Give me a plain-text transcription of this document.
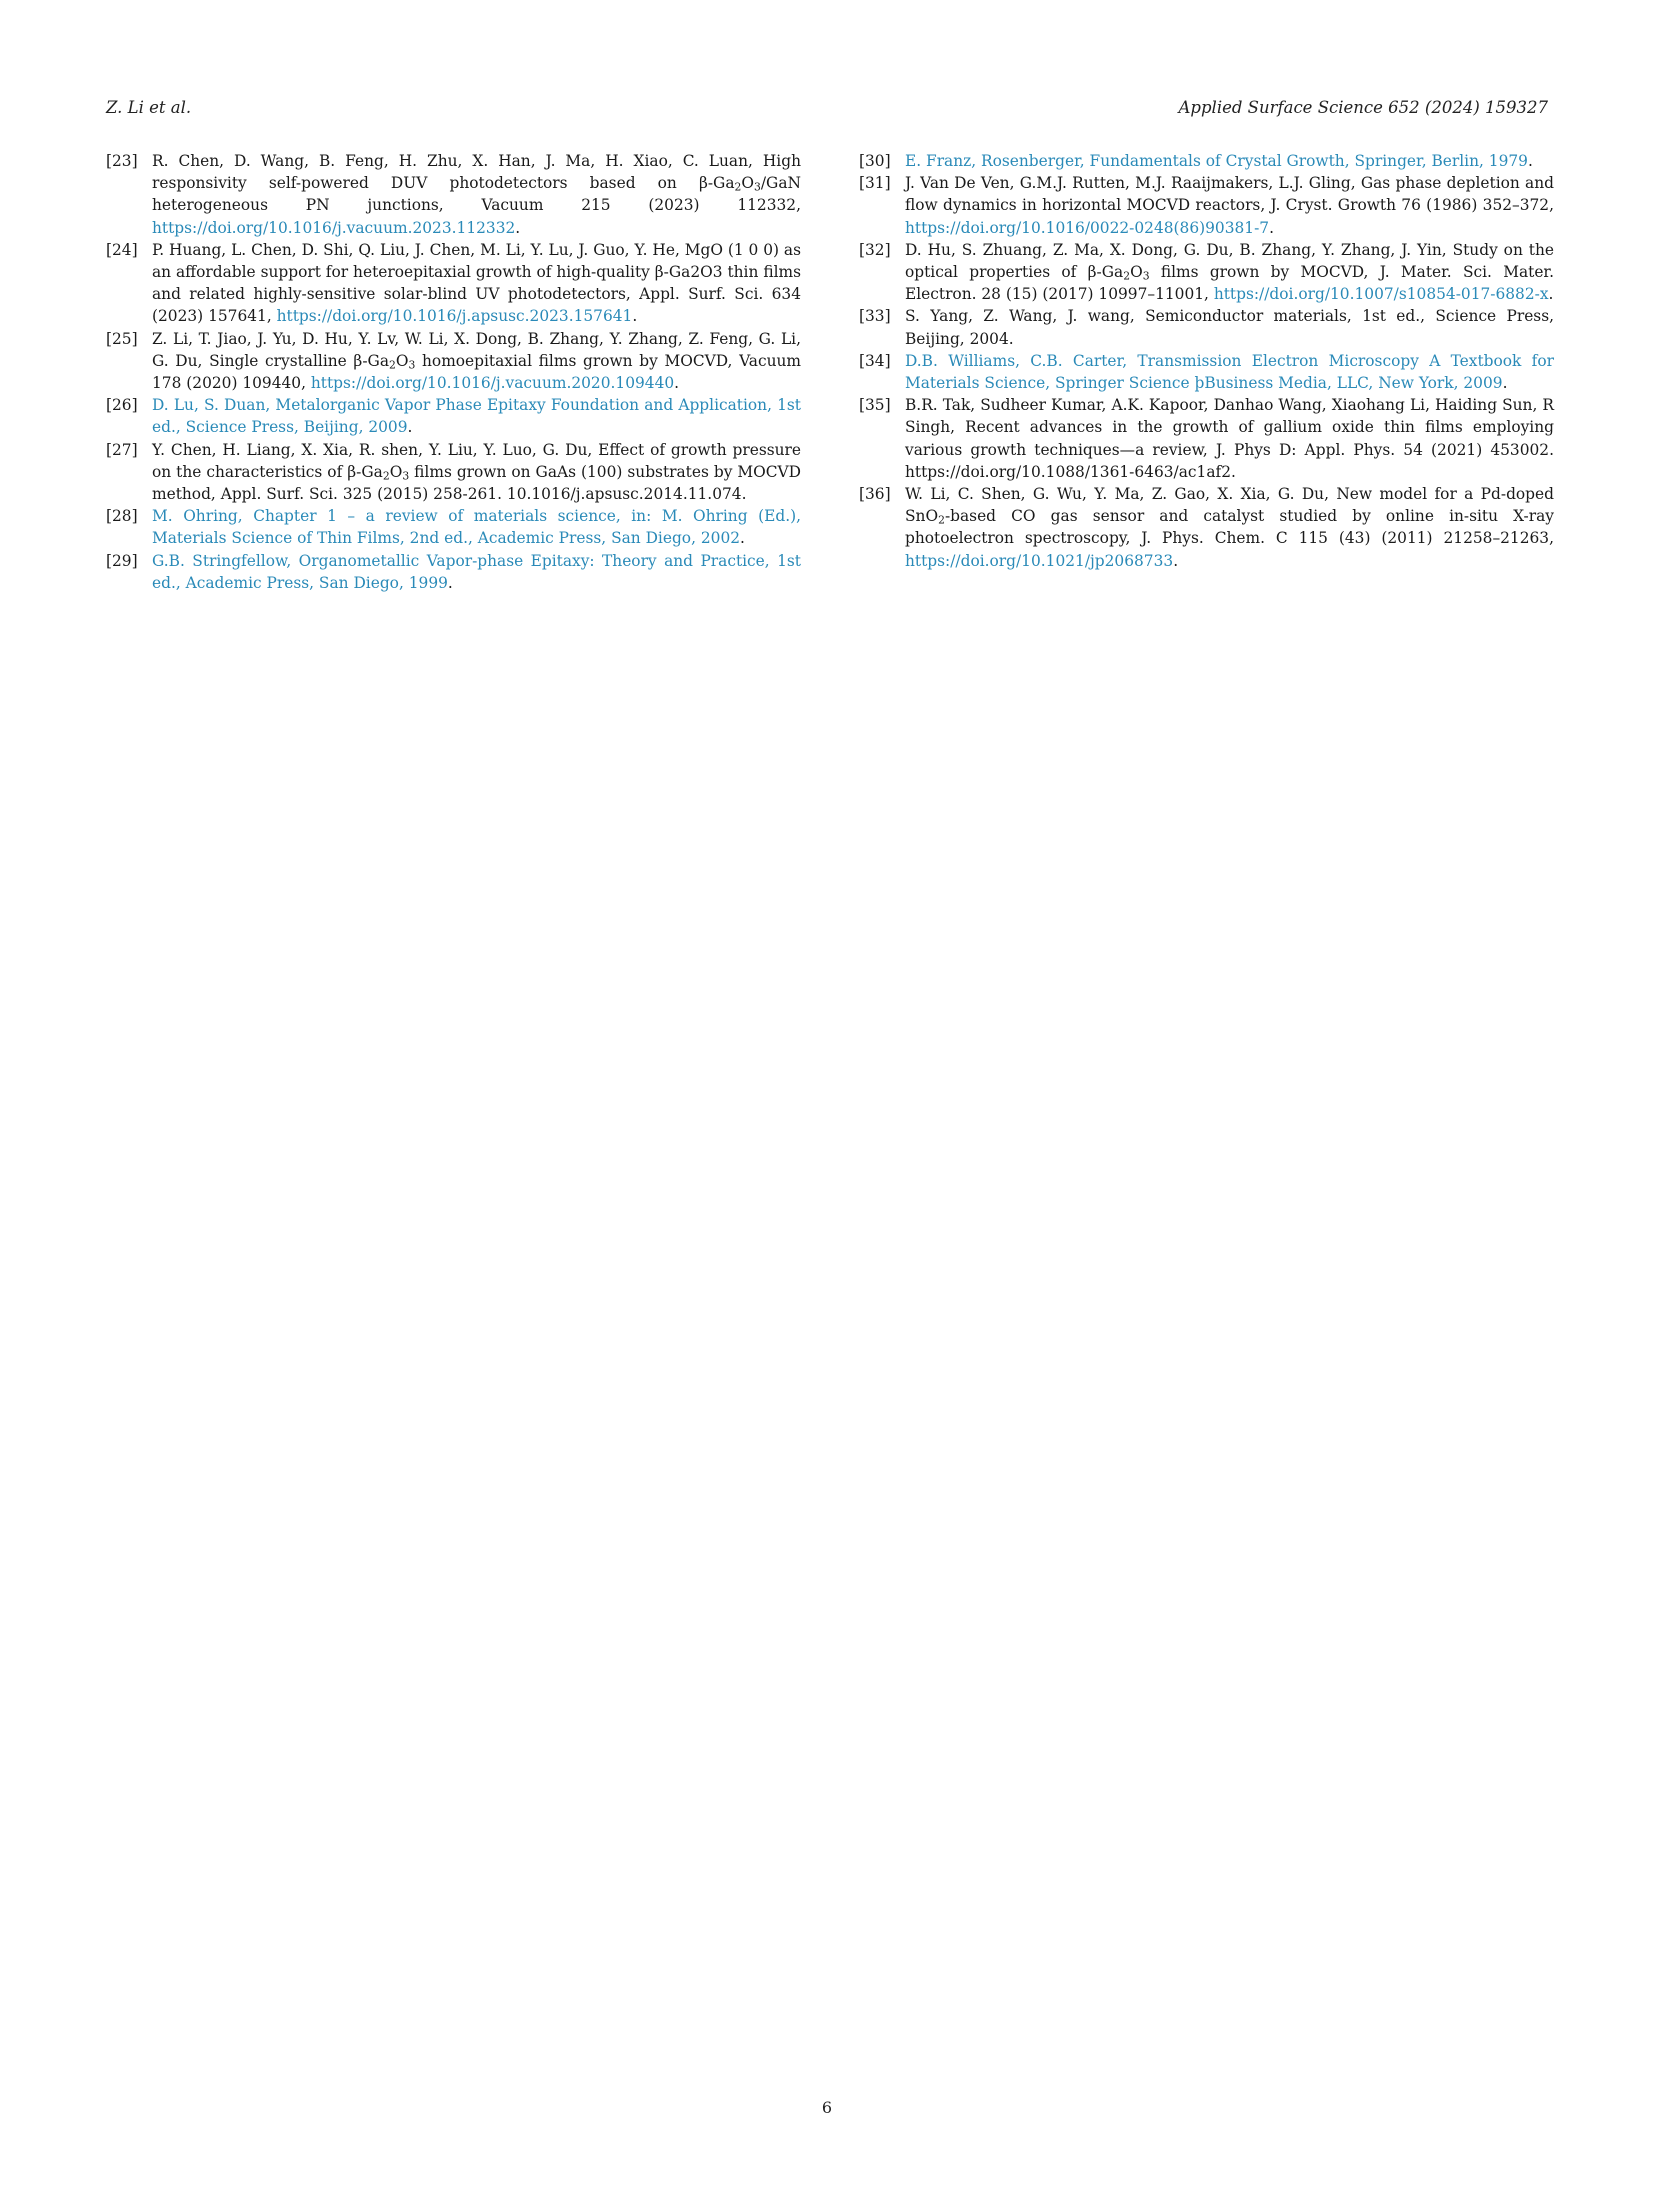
Z. Li et al.	Applied Surface Science 652 (2024) 159327

[23] R. Chen, D. Wang, B. Feng, H. Zhu, X. Han, J. Ma, H. Xiao, C. Luan, High responsivity self-powered DUV photodetectors based on $\beta-Ga_2O_3$/GaN heterogeneous PN junctions, Vacuum 215 (2023) 112332, https://doi.org/10.1016/j.vacuum.2023.112332.

[24] P. Huang, L. Chen, D. Shi, Q. Liu, J. Chen, M. Li, Y. Lu, J. Guo, Y. He, MgO (1 0 0) as an affordable support for heteroepitaxial growth of high-quality β-Ga2O3 thin films and related highly-sensitive solar-blind UV photodetectors, Appl. Surf. Sci. 634 (2023) 157641, https://doi.org/10.1016/j.apsusc.2023.157641.

[25] Z. Li, T. Jiao, J. Yu, D. Hu, Y. Lv, W. Li, X. Dong, B. Zhang, Y. Zhang, Z. Feng, G. Li, G. Du, Single crystalline $\beta-Ga_2O_3$ homoepitaxial films grown by MOCVD, Vacuum 178 (2020) 109440, https://doi.org/10.1016/j.vacuum.2020.109440.

[26] D. Lu, S. Duan, Metalorganic Vapor Phase Epitaxy Foundation and Application, 1st ed., Science Press, Beijing, 2009.

[27] Y. Chen, H. Liang, X. Xia, R. shen, Y. Liu, Y. Luo, G. Du, Effect of growth pressure on the characteristics of $\beta-Ga_2O_3$ films grown on GaAs (100) substrates by MOCVD method, Appl. Surf. Sci. 325 (2015) 258-261. 10.1016/j.apsusc.2014.11.074.

[28] M. Ohring, Chapter 1 – a review of materials science, in: M. Ohring (Ed.), Materials Science of Thin Films, 2nd ed., Academic Press, San Diego, 2002.

[29] G.B. Stringfellow, Organometallic Vapor-phase Epitaxy: Theory and Practice, 1st ed., Academic Press, San Diego, 1999.

[30] E. Franz, Rosenberger, Fundamentals of Crystal Growth, Springer, Berlin, 1979.

[31] J. Van De Ven, G.M.J. Rutten, M.J. Raaijmakers, L.J. Gling, Gas phase depletion and flow dynamics in horizontal MOCVD reactors, J. Cryst. Growth 76 (1986) 352–372, https://doi.org/10.1016/0022-0248(86)90381-7.

[32] D. Hu, S. Zhuang, Z. Ma, X. Dong, G. Du, B. Zhang, Y. Zhang, J. Yin, Study on the optical properties of $\beta-Ga_2O_3$ films grown by MOCVD, J. Mater. Sci. Mater. Electron. 28 (15) (2017) 10997–11001, https://doi.org/10.1007/s10854-017-6882-x.

[33] S. Yang, Z. Wang, J. wang, Semiconductor materials, 1st ed., Science Press, Beijing, 2004.

[34] D.B. Williams, C.B. Carter, Transmission Electron Microscopy A Textbook for Materials Science, Springer Science þBusiness Media, LLC, New York, 2009.

[35] B.R. Tak, Sudheer Kumar, A.K. Kapoor, Danhao Wang, Xiaohang Li, Haiding Sun, R Singh, Recent advances in the growth of gallium oxide thin films employing various growth techniques—a review, J. Phys D: Appl. Phys. 54 (2021) 453002. https://doi.org/10.1088/1361-6463/ac1af2.

[36] W. Li, C. Shen, G. Wu, Y. Ma, Z. Gao, X. Xia, G. Du, New model for a Pd-doped SnO$_2$-based CO gas sensor and catalyst studied by online in-situ X-ray photoelectron spectroscopy, J. Phys. Chem. C 115 (43) (2011) 21258–21263, https://doi.org/10.1021/jp2068733.

6
